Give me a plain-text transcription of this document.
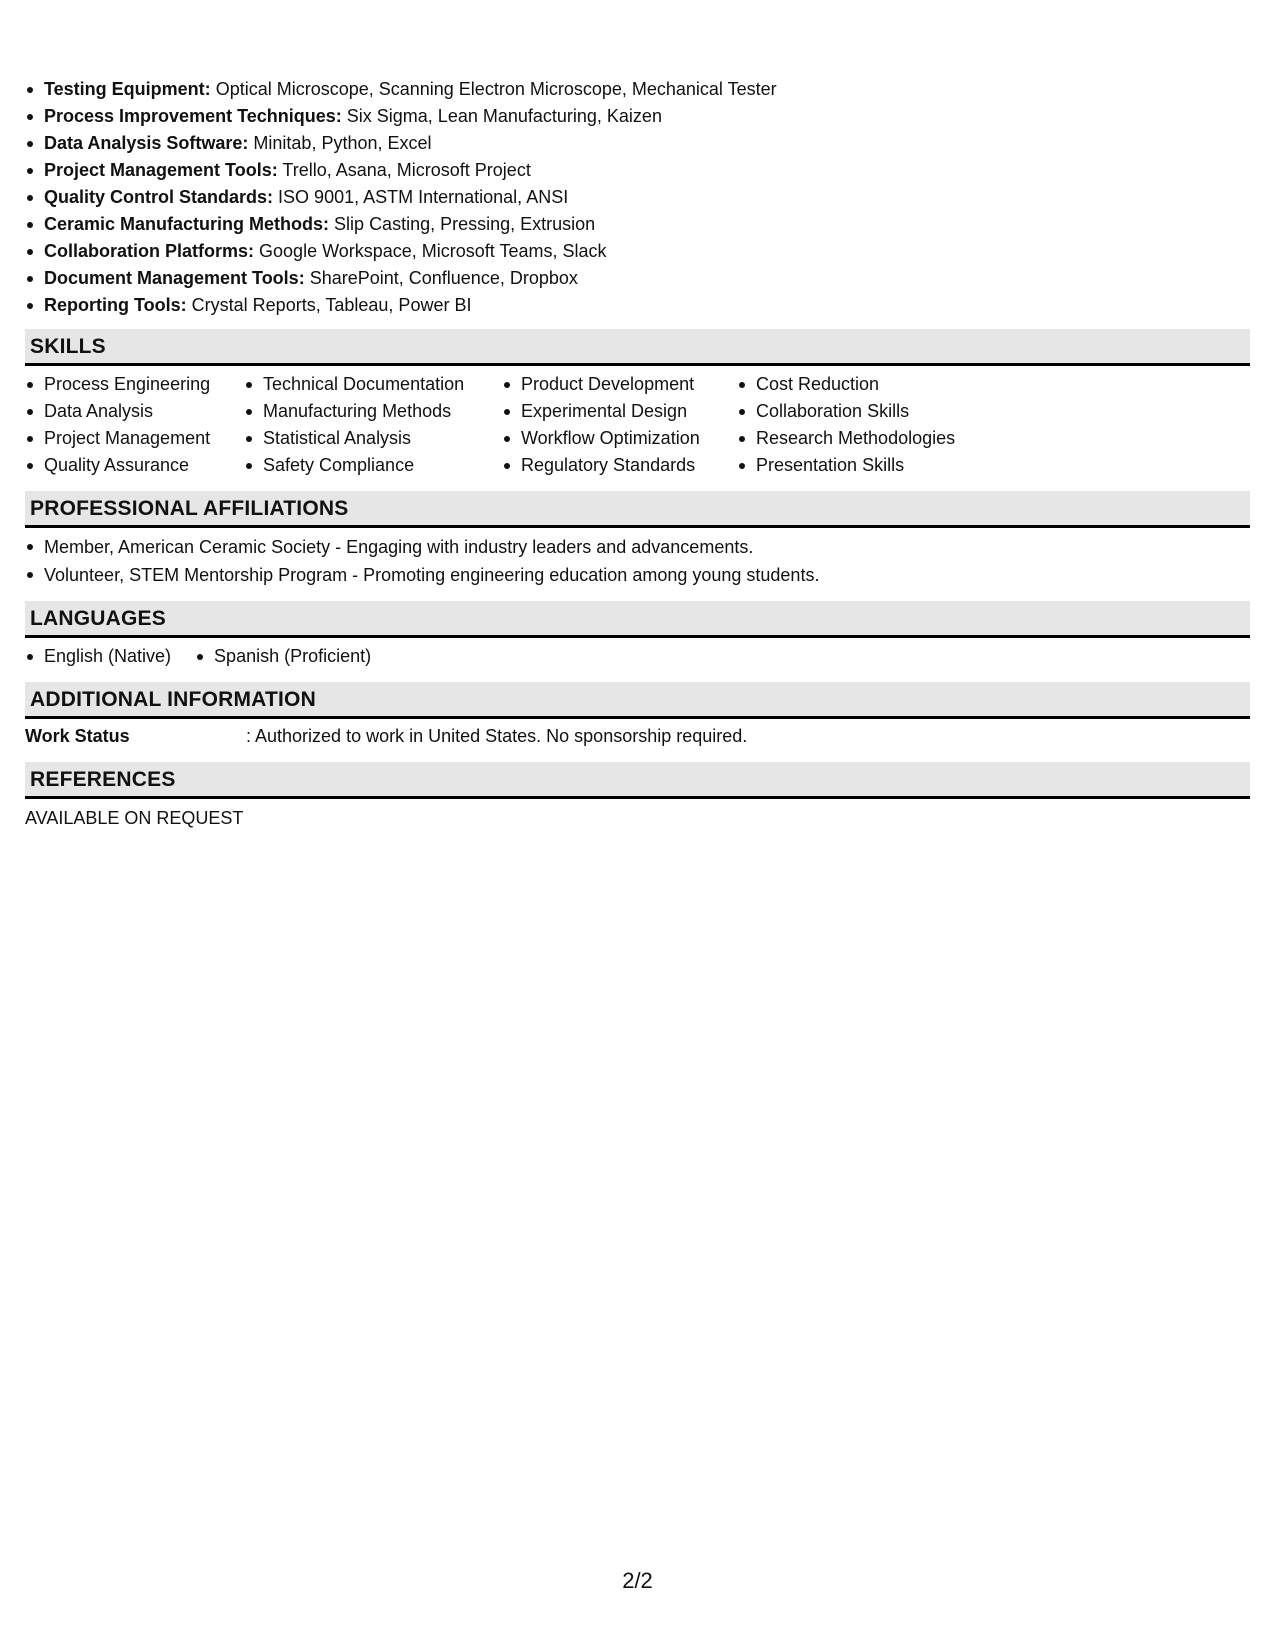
Testing Equipment: Optical Microscope, Scanning Electron Microscope, Mechanical Tester
Process Improvement Techniques: Six Sigma, Lean Manufacturing, Kaizen
Data Analysis Software: Minitab, Python, Excel
Project Management Tools: Trello, Asana, Microsoft Project
Quality Control Standards: ISO 9001, ASTM International, ANSI
Ceramic Manufacturing Methods: Slip Casting, Pressing, Extrusion
Collaboration Platforms: Google Workspace, Microsoft Teams, Slack
Document Management Tools: SharePoint, Confluence, Dropbox
Reporting Tools: Crystal Reports, Tableau, Power BI
SKILLS
Process Engineering
Data Analysis
Project Management
Quality Assurance
Technical Documentation
Manufacturing Methods
Statistical Analysis
Safety Compliance
Product Development
Experimental Design
Workflow Optimization
Regulatory Standards
Cost Reduction
Collaboration Skills
Research Methodologies
Presentation Skills
PROFESSIONAL AFFILIATIONS
Member, American Ceramic Society - Engaging with industry leaders and advancements.
Volunteer, STEM Mentorship Program - Promoting engineering education among young students.
LANGUAGES
English (Native)	Spanish (Proficient)
ADDITIONAL INFORMATION
Work Status	: Authorized to work in United States. No sponsorship required.
REFERENCES
AVAILABLE ON REQUEST
2/2
